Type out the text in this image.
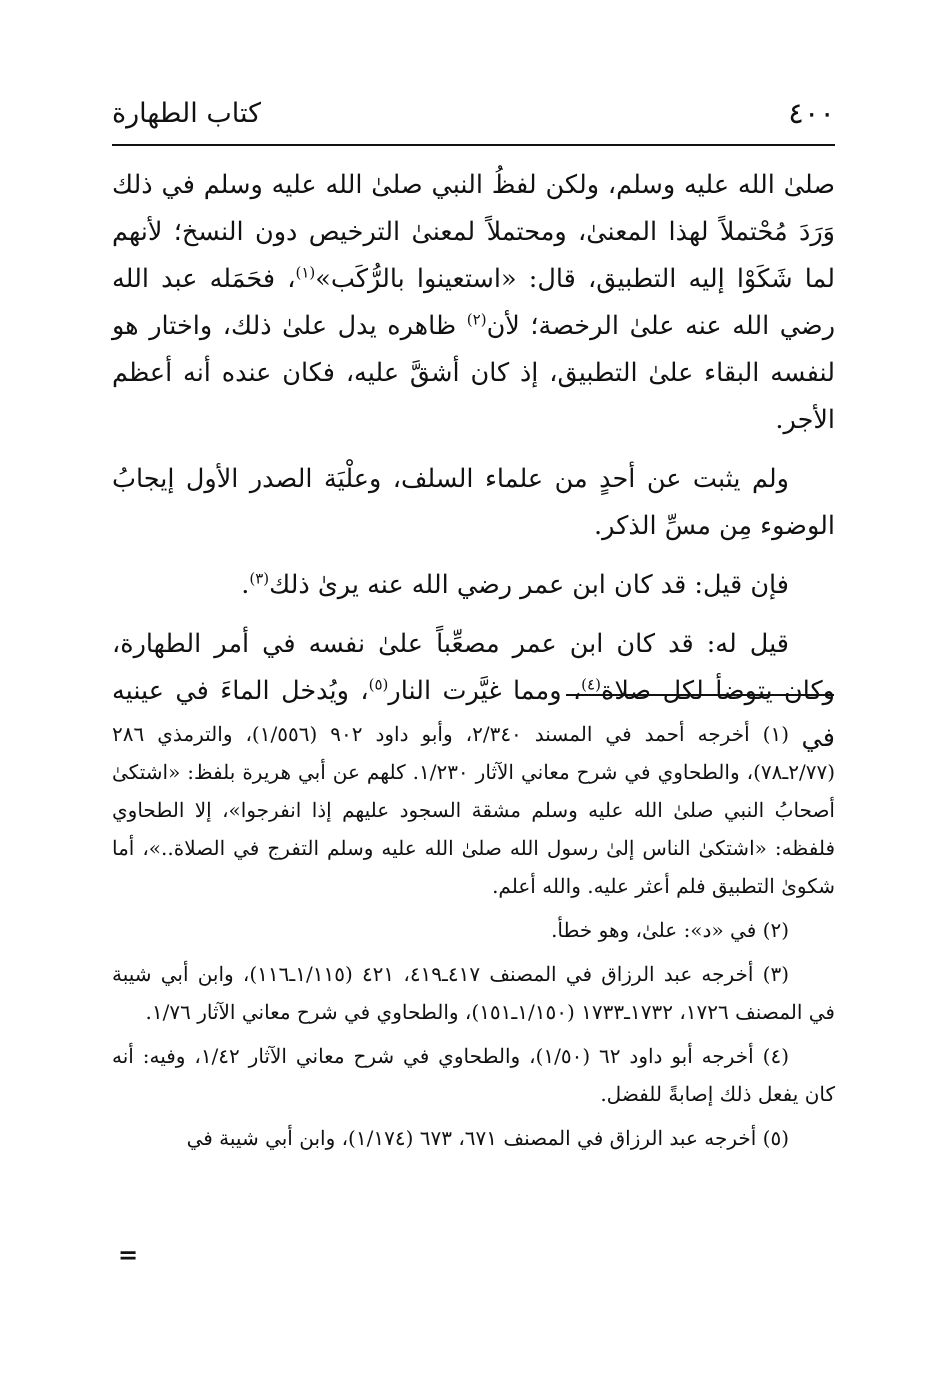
٤٠٠
كتاب الطهارة

صلىٰ الله عليه وسلم، ولكن لفظُ النبي صلىٰ الله عليه وسلم في ذلك وَرَدَ مُحْتملاً لهذا المعنىٰ، ومحتملاً لمعنىٰ الترخيص دون النسخ؛ لأنهم لما شَكَوْا إليه التطبيق، قال: «استعينوا بالرُّكَب»$^{(١)}$، فحَمَله عبد الله رضي الله عنه علىٰ الرخصة؛ لأن$^{(٢)}$ ظاهره يدل علىٰ ذلك، واختار هو لنفسه البقاء علىٰ التطبيق، إذ كان أشقَّ عليه، فكان عنده أنه أعظم الأجر.

ولم يثبت عن أحدٍ من علماء السلف، وعلْيَة الصدر الأول إيجابُ الوضوء مِن مسِّ الذكر.

فإن قيل: قد كان ابن عمر رضي الله عنه يرىٰ ذلك$^{(٣)}$.

قيل له: قد كان ابن عمر مصعِّباً علىٰ نفسه في أمر الطهارة، وكان يتوضأ لكل صلاة$^{(٤)}$، ومما غيَّرت النار$^{(٥)}$، ويُدخل الماءَ في عينيه في

(١) أخرجه أحمد في المسند ٢/٣٤٠، وأبو داود ٩٠٢ (١/٥٥٦)، والترمذي ٢٨٦ (٢/٧٧ـ٧٨)، والطحاوي في شرح معاني الآثار ١/٢٣٠. كلهم عن أبي هريرة بلفظ: «اشتكىٰ أصحابُ النبي صلىٰ الله عليه وسلم مشقة السجود عليهم إذا انفرجوا»، إلا الطحاوي فلفظه: «اشتكىٰ الناس إلىٰ رسول الله صلىٰ الله عليه وسلم التفرج في الصلاة..»، أما شكوىٰ التطبيق فلم أعثر عليه. والله أعلم.

(٢) في «د»: علىٰ، وهو خطأ.

(٣) أخرجه عبد الرزاق في المصنف ٤١٧ـ٤١٩، ٤٢١ (١/١١٥ـ١١٦)، وابن أبي شيبة في المصنف ١٧٢٦، ١٧٣٢ـ١٧٣٣ (١/١٥٠ـ١٥١)، والطحاوي في شرح معاني الآثار ١/٧٦.

(٤) أخرجه أبو داود ٦٢ (١/٥٠)، والطحاوي في شرح معاني الآثار ١/٤٢، وفيه: أنه كان يفعل ذلك إصابةً للفضل.

(٥) أخرجه عبد الرزاق في المصنف ٦٧١، ٦٧٣ (١/١٧٤)، وابن أبي شيبة في

=
